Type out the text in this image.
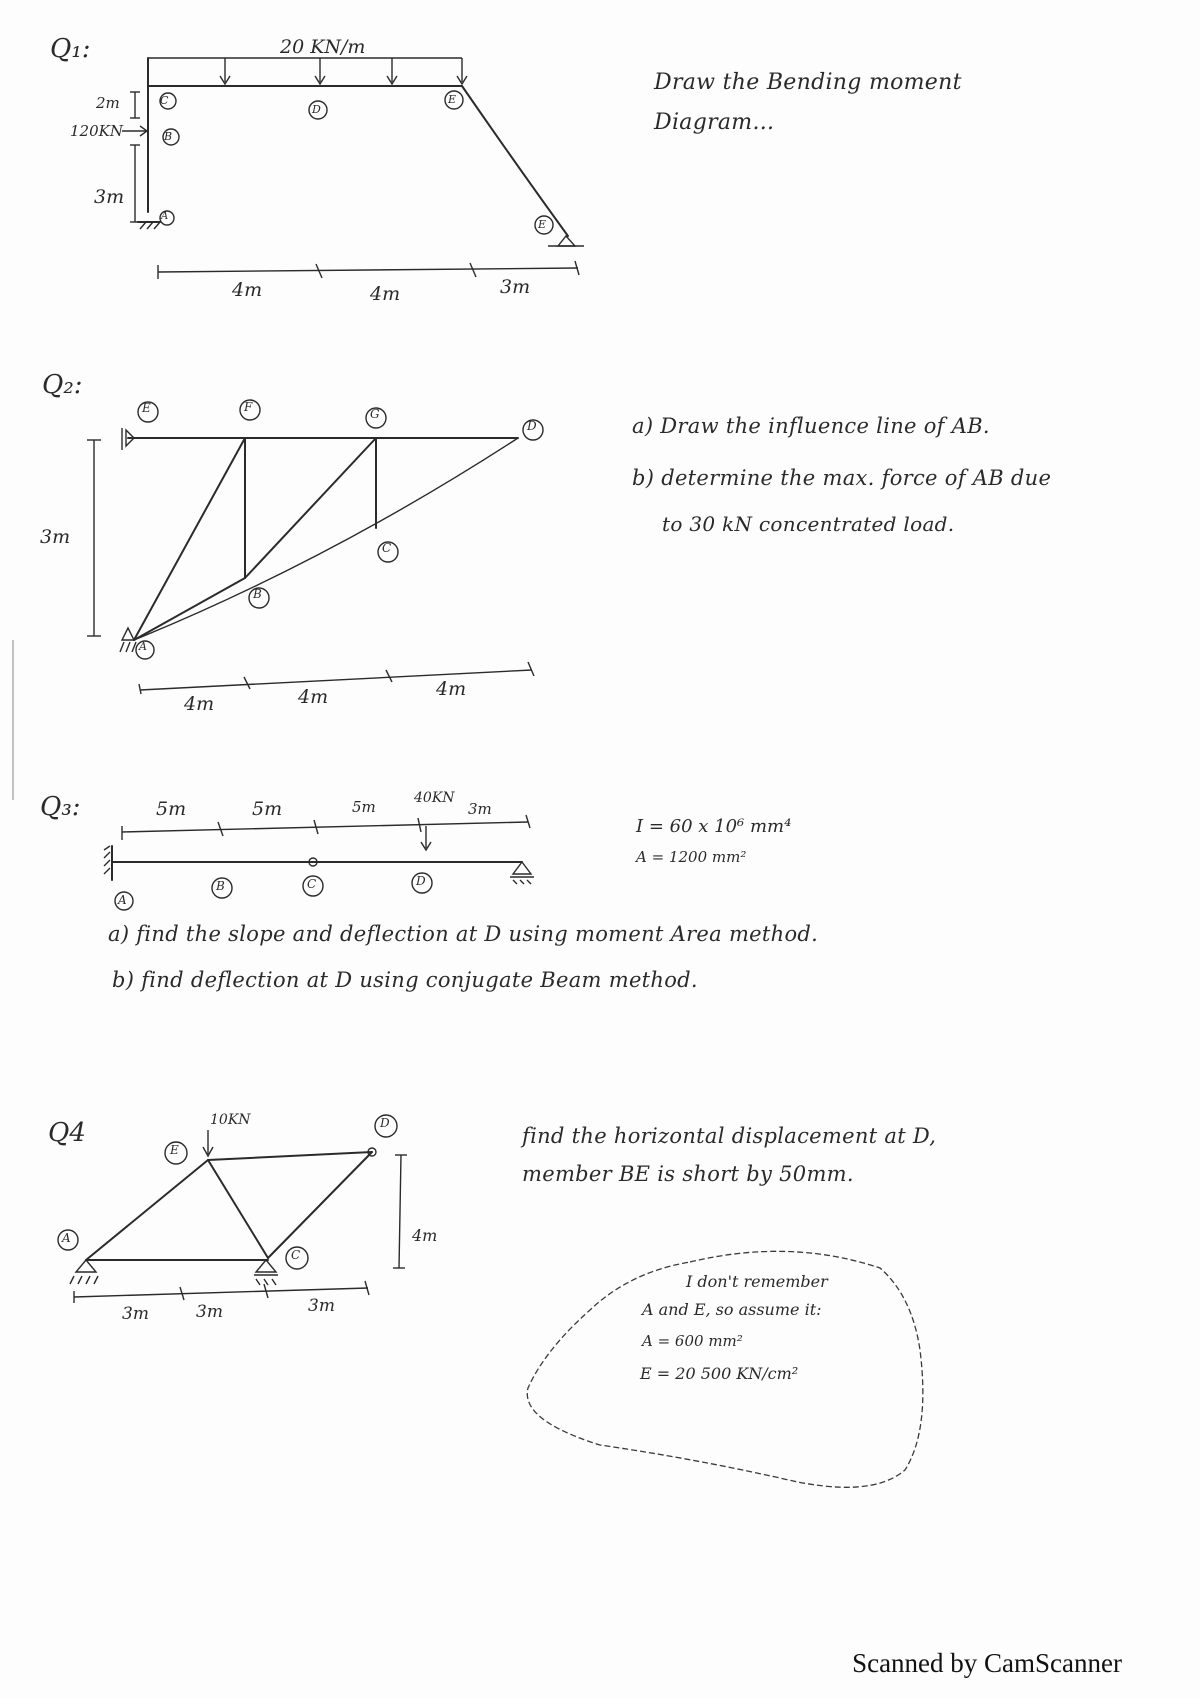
Q₁:	20 KN/m
2m
120KN
3m
C
D
E
B
A
E
4m	4m	3m
Draw the Bending moment
Diagram...
Q₂:
3m
E	F	G
D
C
B
A
4m	4m	4m
a) Draw the influence line of AB.
b) determine the max. force of AB due
to 30 kN concentrated load.
Q₃:	5m	5m	5m	3m
40KN
A
B	C	D
I = 60 x 10⁶ mm⁴
A = 1200 mm²
a) find the slope and deflection at D using moment Area method.
b) find deflection at D using conjugate Beam method.
Q4	10KN
4m
3m	3m	3m
A
E
D
C
find the horizontal displacement at D,
member BE is short by 50mm.
I don't remember
A and E, so assume it:
A = 600 mm²
E = 20 500 KN/cm²
Scanned by CamScanner
